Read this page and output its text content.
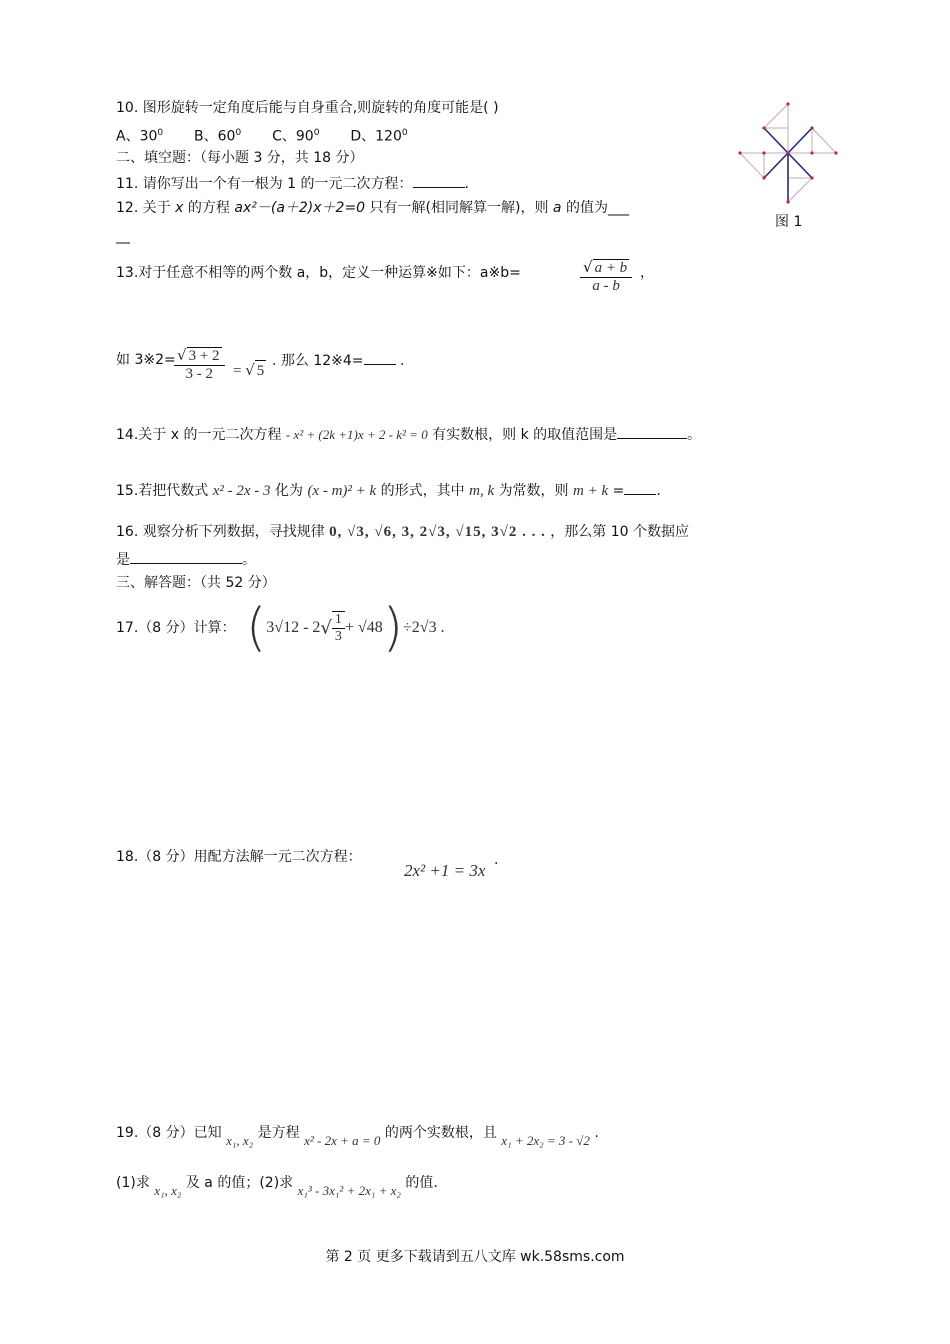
10. 图形旋转一定角度后能与自身重合,则旋转的角度可能是( )
A、$30^0$ B、$60^0$ C、$90^0$ D、$120^0$
图 1
二、填空题：（每小题 3 分，共 18 分）
11. 请你写出一个有一根为 1 的一元二次方程：	.
12. 关于 x 的方程 ax²－(a＋2)x＋2=0 只有一解(相同解算一解)，则 a 的值为___
__
13.对于任意不相等的两个数 a，b，定义一种运算※如下：a※b=	$\frac{√ a + b}{a - b}$ ，
如 3※2=
$\frac{√ 3 + 2}{3 - 2}$ = √ 5
. 那么 12※4= .
14.关于 x 的一元二次方程 - x² + (2k +1)x + 2 - k² = 0 有实数根，则 k 的取值范围是	。
15.若把代数式 x² - 2x - 3 化为 (x - m)² + k 的形式，其中 m, k 为常数，则 m + k = .
16. 观察分析下列数据，寻找规律 0, √3, √6, 3, 2√3, √15, 3√2 . . . ，那么第 10 个数据应
是	。
三、解答题：（共 52 分）
17.（8 分）计算： $(3√12 - 2√ \frac{1}{3} + √48)\div 2√3$ .
18.（8 分）用配方法解一元二次方程：
2x² +1 = 3x
.
19.（8 分）已知 x₁, x₂ 是方程 x² - 2x + a = 0 的两个实数根，且 x₁ + 2x₂ = 3 - √2 .
(1)求 x₁, x₂ 及 a 的值；(2)求 x₁³ - 3x₁² + 2x₁ + x₂ 的值.
第 2 页 更多下载请到五八文库 wk.58sms.com
